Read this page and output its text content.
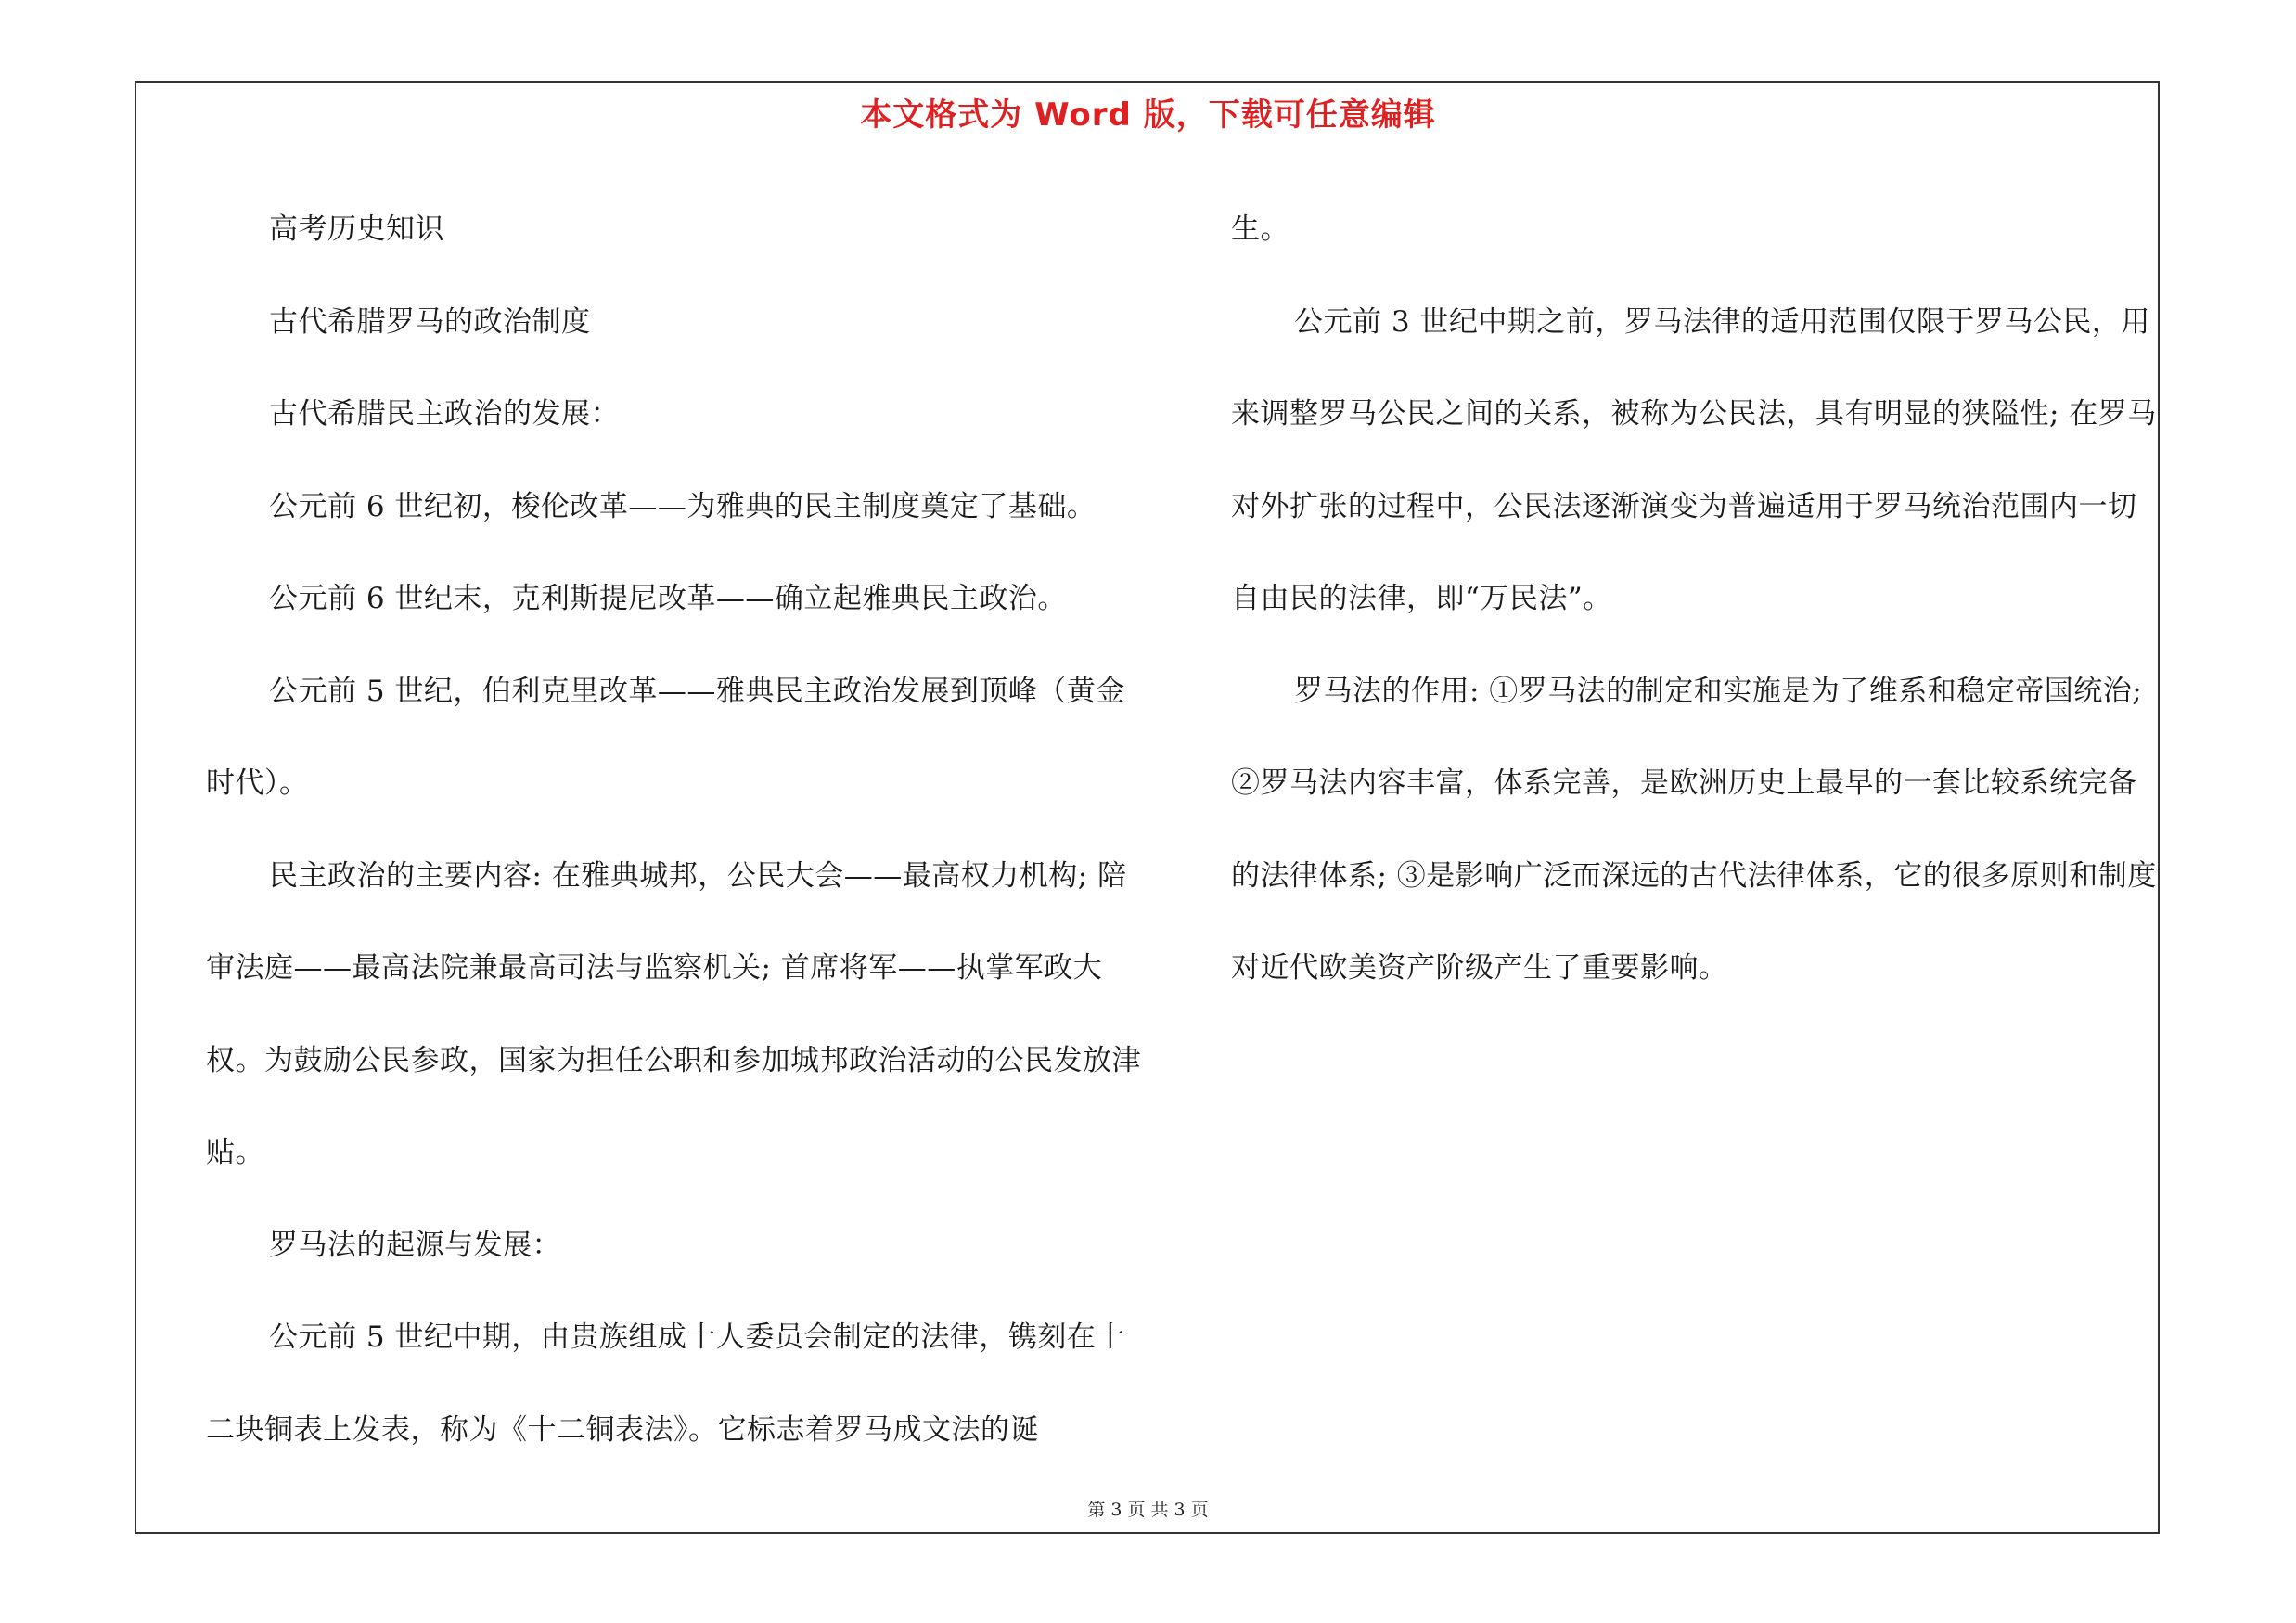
本文格式为 Word 版，下载可任意编辑

高考历史知识

古代希腊罗马的政治制度

古代希腊民主政治的发展：

公元前 6 世纪初，梭伦改革——为雅典的民主制度奠定了基础。

公元前 6 世纪末，克利斯提尼改革——确立起雅典民主政治。

公元前 5 世纪，伯利克里改革——雅典民主政治发展到顶峰（黄金时代）。

民主政治的主要内容: 在雅典城邦，公民大会——最高权力机构; 陪审法庭——最高法院兼最高司法与监察机关; 首席将军——执掌军政大权。为鼓励公民参政，国家为担任公职和参加城邦政治活动的公民发放津贴。

罗马法的起源与发展：

公元前 5 世纪中期，由贵族组成十人委员会制定的法律，镌刻在十二块铜表上发表，称为《十二铜表法》。它标志着罗马成文法的诞

生。

公元前 3 世纪中期之前，罗马法律的适用范围仅限于罗马公民，用来调整罗马公民之间的关系，被称为公民法，具有明显的狭隘性; 在罗马对外扩张的过程中，公民法逐渐演变为普遍适用于罗马统治范围内一切自由民的法律，即“万民法”。

罗马法的作用: ①罗马法的制定和实施是为了维系和稳定帝国统治; ②罗马法内容丰富，体系完善，是欧洲历史上最早的一套比较系统完备的法律体系; ③是影响广泛而深远的古代法律体系，它的很多原则和制度对近代欧美资产阶级产生了重要影响。

第 3 页 共 3 页
